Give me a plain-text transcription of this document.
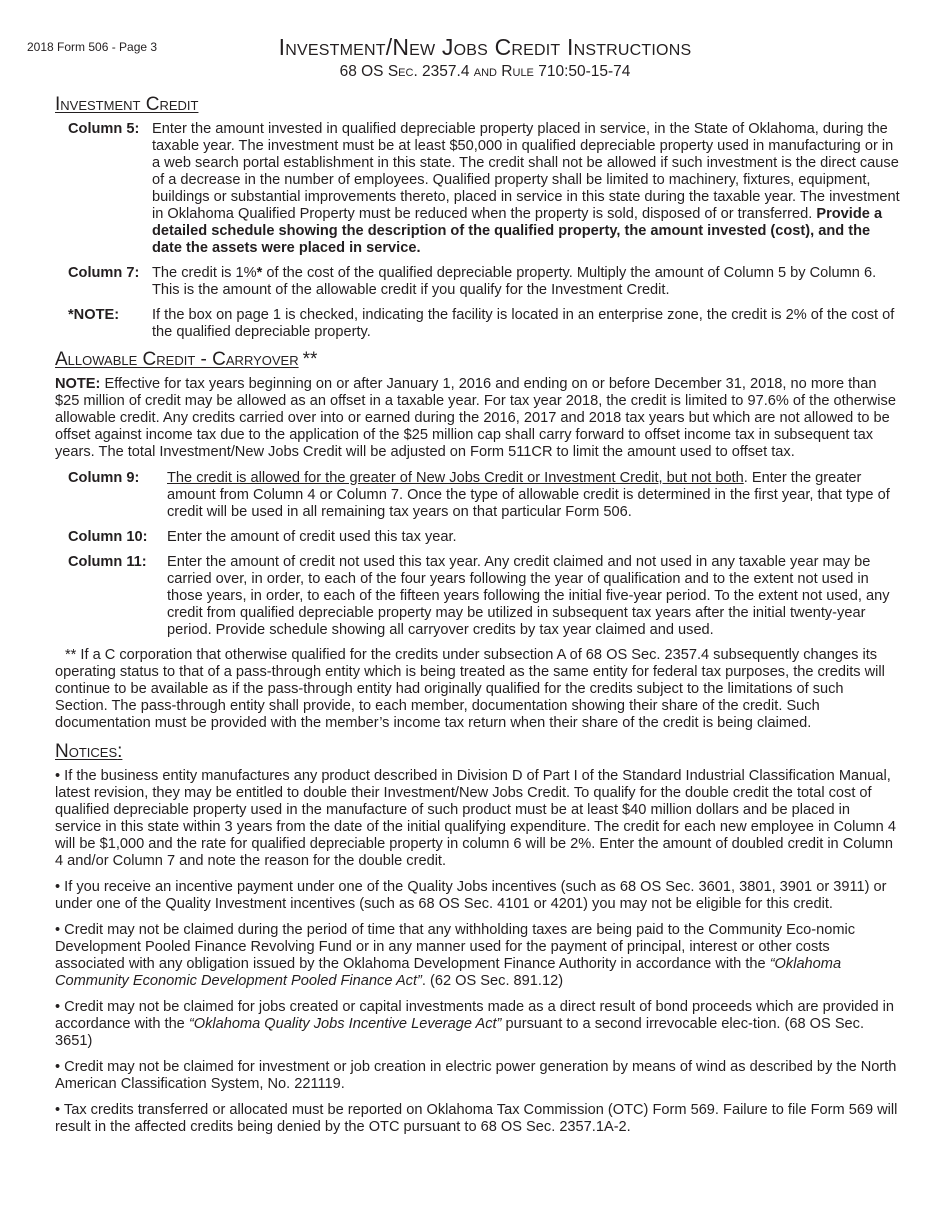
2018 Form 506 - Page 3	Investment/New Jobs Credit Instructions
68 OS Sec. 2357.4 and Rule 710:50-15-74
Investment Credit
Column 5: Enter the amount invested in qualified depreciable property placed in service, in the State of Oklahoma, during the taxable year. The investment must be at least $50,000 in qualified depreciable property used in manufacturing or in a web search portal establishment in this state. The credit shall not be allowed if such investment is the direct cause of a decrease in the number of employees. Qualified property shall be limited to machinery, fixtures, equipment, buildings or substantial improvements thereto, placed in service in this state during the taxable year. The investment in Oklahoma Qualified Property must be reduced when the property is sold, disposed of or transferred. Provide a detailed schedule showing the description of the qualified property, the amount invested (cost), and the date the assets were placed in service.
Column 7: The credit is 1%* of the cost of the qualified depreciable property. Multiply the amount of Column 5 by Column 6. This is the amount of the allowable credit if you qualify for the Investment Credit.
*NOTE:	If the box on page 1 is checked, indicating the facility is located in an enterprise zone, the credit is 2% of the cost of the qualified depreciable property.
Allowable Credit - Carryover **

NOTE: Effective for tax years beginning on or after January 1, 2016 and ending on or before December 31, 2018, no more than $25 million of credit may be allowed as an offset in a taxable year. For tax year 2018, the credit is limited to 97.6% of the otherwise allowable credit. Any credits carried over into or earned during the 2016, 2017 and 2018 tax years but which are not allowed to be offset against income tax due to the application of the $25 million cap shall carry forward to offset income tax in subsequent tax years. The total Investment/New Jobs Credit will be adjusted on Form 511CR to limit the amount used to offset tax.

Column 9:	The credit is allowed for the greater of New Jobs Credit or Investment Credit, but not both. Enter the greater amount from Column 4 or Column 7. Once the type of allowable credit is determined in the first year, that type of credit will be used in all remaining tax years on that particular Form 506.
Column 10:	Enter the amount of credit used this tax year.
Column 11:	Enter the amount of credit not used this tax year. Any credit claimed and not used in any taxable year may be carried over, in order, to each of the four years following the year of qualification and to the extent not used in those years, in order, to each of the fifteen years following the initial five-year period. To the extent not used, any credit from qualified depreciable property may be utilized in subsequent tax years after the initial twenty-year period. Provide schedule showing all carryover credits by tax year claimed and used.

** If a C corporation that otherwise qualified for the credits under subsection A of 68 OS Sec. 2357.4 subsequently changes its operating status to that of a pass-through entity which is being treated as the same entity for federal tax purposes, the credits will continue to be available as if the pass-through entity had originally qualified for the credits subject to the limitations of such Section. The pass-through entity shall provide, to each member, documentation showing their share of the credit. Such documentation must be provided with the member’s income tax return when their share of the credit is being claimed.

Notices:

• If the business entity manufactures any product described in Division D of Part I of the Standard Industrial Classification Manual, latest revision, they may be entitled to double their Investment/New Jobs Credit. To qualify for the double credit the total cost of qualified depreciable property used in the manufacture of such product must be at least $40 million dollars and be placed in service in this state within 3 years from the date of the initial qualifying expenditure. The credit for each new employee in Column 4 will be $1,000 and the rate for qualified depreciable property in column 6 will be 2%. Enter the amount of doubled credit in Column 4 and/or Column 7 and note the reason for the double credit.

• If you receive an incentive payment under one of the Quality Jobs incentives (such as 68 OS Sec. 3601, 3801, 3901 or 3911) or under one of the Quality Investment incentives (such as 68 OS Sec. 4101 or 4201) you may not be eligible for this credit.

• Credit may not be claimed during the period of time that any withholding taxes are being paid to the Community Eco-nomic Development Pooled Finance Revolving Fund or in any manner used for the payment of principal, interest or other costs associated with any obligation issued by the Oklahoma Development Finance Authority in accordance with the “Oklahoma Community Economic Development Pooled Finance Act”. (62 OS Sec. 891.12)

• Credit may not be claimed for jobs created or capital investments made as a direct result of bond proceeds which are provided in accordance with the “Oklahoma Quality Jobs Incentive Leverage Act” pursuant to a second irrevocable elec-tion. (68 OS Sec. 3651)

• Credit may not be claimed for investment or job creation in electric power generation by means of wind as described by the North American Classification System, No. 221119.

• Tax credits transferred or allocated must be reported on Oklahoma Tax Commission (OTC) Form 569. Failure to file Form 569 will result in the affected credits being denied by the OTC pursuant to 68 OS Sec. 2357.1A-2.
